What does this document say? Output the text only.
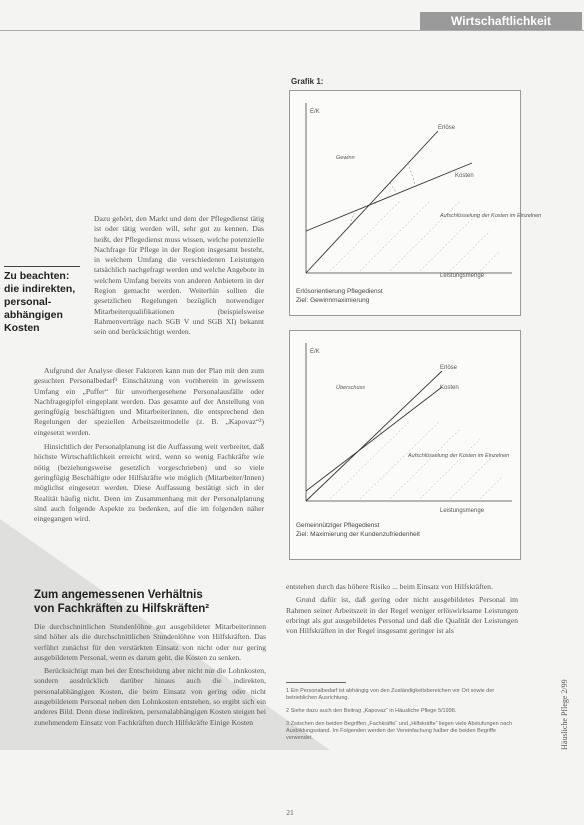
Wirtschaftlichkeit

Dazu gehört, den Markt und dem der Pflegedienst tätig ist oder tätig werden will, sehr gut zu kennen. Das heißt, der Pflegedienst muss wissen, welche potenzielle Nachfrage für Pflege in der Region insgesamt besteht, in welchem Umfang die verschiedenen Leistungen tatsächlich nachgefragt werden und welche Angebote in welchem Umfang bereits von anderen Anbietern in der Region gemacht werden. Weiterhin sollten die gesetzlichen Regelungen bezüglich notwendiger Mitarbeiterqualifikationen (beispielsweise Rahmenverträge nach SGB V und SGB XI) bekannt sein und berücksichtigt werden.

Zu beachten:
die indirekten,
personal-
abhängigen
Kosten

Aufgrund der Analyse dieser Faktoren kann nun der Plan mit den zum gesuchten Personalbedarf¹ Einschätzung von vornherein in gewissem Umfang ein „Puffer“ für unvorhergesehene Personalausfälle oder Nachfragegipfel eingeplant werden. Das gesamte auf der Anstellung von geringfügig beschäftigten und Mitarbeiterinnen, die entsprechend den Regelungen der speziellen Arbeitszeitmodelle (z. B. „Kapovaz“²) eingesetzt werden.

Hinsichtlich der Personalplanung ist die Auffassung weit verbreitet, daß höchste Wirtschaftlichkeit erreicht wird, wenn so wenig Fachkräfte wie nötig (beziehungsweise gesetzlich vorgeschrieben) und so viele geringfügig Beschäftigte oder Hilfskräfte wie möglich (Mitarbeiter/Innen) möglichst eingesetzt werden. Diese Auffassung bestätigt sich in der Realität häufig nicht. Denn im Zusammenhang mit der Personalplanung sind auch folgende Aspekte zu bedenken, auf die im folgenden näher eingegangen wird.

Zum angemessenen Verhältnis
von Fachkräften zu Hilfskräften²

Die durchschnittlichen Stundenlöhne gut ausgebildeter Mitarbeiterinnen sind höher als die durchschnittlichen Stundenlöhne von Hilfskräften. Das verführt zunächst für den verstärkten Einsatz von nicht oder nur gering ausgebildetem Personal, wenn es darum geht, die Kosten zu senken.

Berücksichtigt man bei der Entscheidung aber nicht nur die Lohnkosten, sondern ausdrücklich darüber hinaus auch die indirekten, personalabhängigen Kosten, die beim Einsatz von gering oder nicht ausgebildetem Personal neben den Lohnkosten entstehen, so ergibt sich ein anderes Bild. Denn diese indirekten, personalabhängigen Kosten steigen bei zunehmendem Einsatz von Fachkräften durch Hilfskräfte Einige Kosten

Grafik 1:
E/K
Erlöse
Kosten
Gewinn
Aufschlüsselung der Kosten im Einzelnen
Leistungsmenge
Erlösorientierung Pflegedienst
Ziel: Gewinnmaximierung
E/K
Erlöse
Kosten
Überschuss
Aufschlüsselung der Kosten im Einzelnen
Leistungsmenge
Gemeinnütziger Pflegedienst
Ziel: Maximierung der Kundenzufriedenheit

entstehen durch das höhere Risiko ... beim Einsatz von Hilfskräften.

Grund dafür ist, daß gering oder nicht ausgebildetes Personal im Rahmen seiner Arbeitszeit in der Regel weniger erlöswirksame Leistungen erbringt als gut ausgebildetes Personal und daß die Qualität der Leistungen von Hilfskräften in der Regel insgesamt geringer ist als

1 Ein Personalbedarf ist abhängig von den Zuständigkeitsbereichen vor Ort sowie der betrieblichen Ausrichtung.

2 Siehe dazu auch den Beitrag „Kapovaz“ in Häusliche Pflege 5/1998.

3 Zwischen den beiden Begriffen „Fachkräfte“ und „Hilfskräfte“ liegen viele Abstufungen nach Ausbildungsstand. Im Folgenden werden der Vereinfachung halber die beiden Begriffe verwendet.	Häusliche Pflege 2/99
21
